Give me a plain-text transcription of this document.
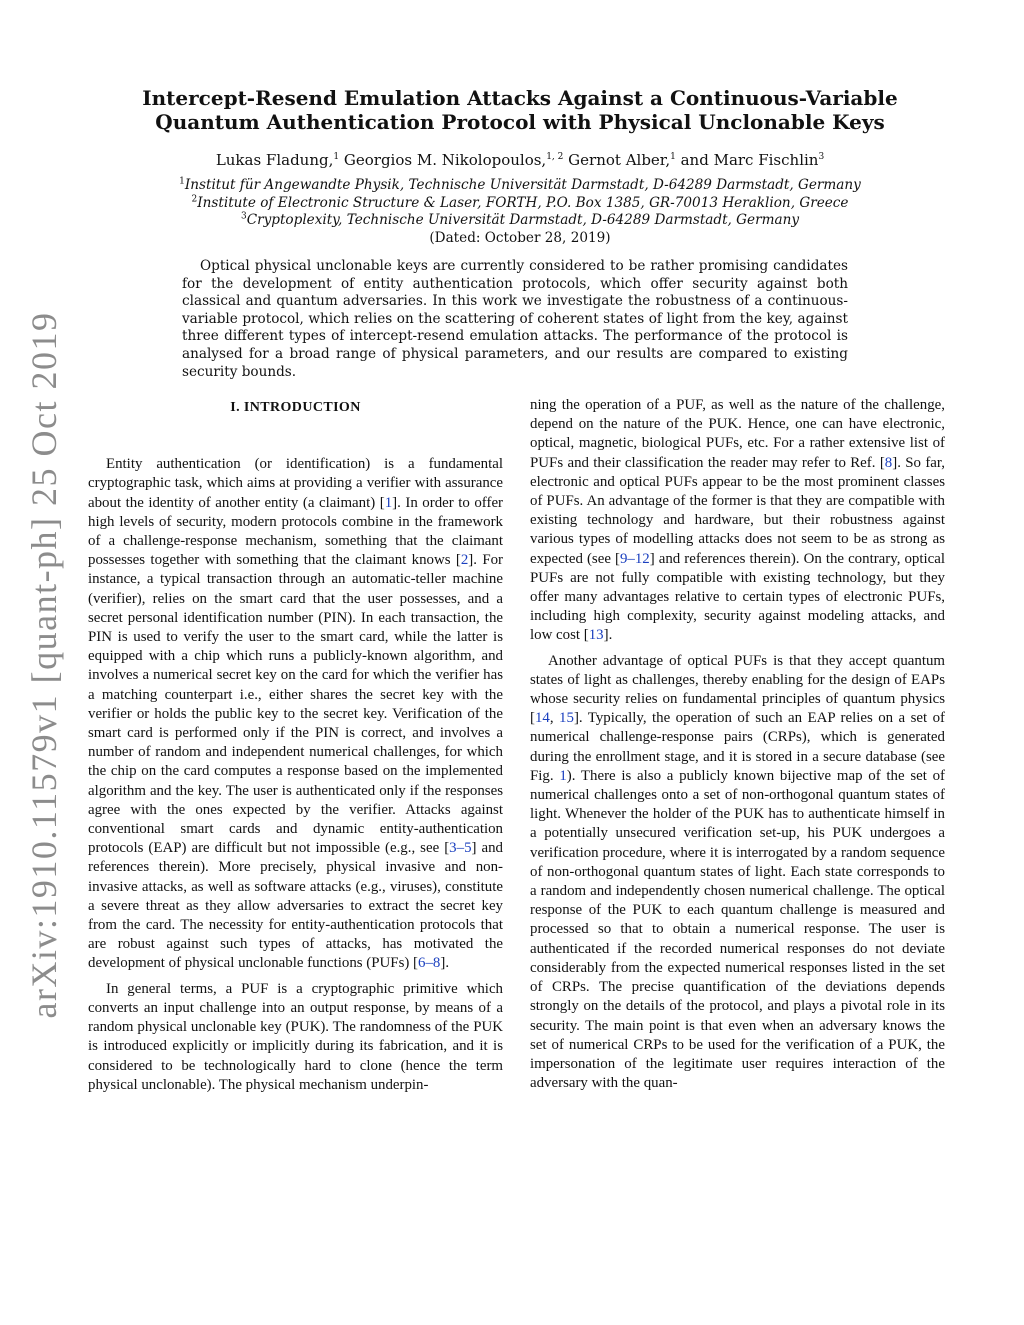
arXiv:1910.11579v1 [quant-ph] 25 Oct 2019
Intercept-Resend Emulation Attacks Against a Continuous-Variable Quantum Authentication Protocol with Physical Unclonable Keys
Lukas Fladung,$^1$ Georgios M. Nikolopoulos,$^{1, 2}$ Gernot Alber,$^1$ and Marc Fischlin$^3$
$^1$Institut für Angewandte Physik, Technische Universität Darmstadt, D-64289 Darmstadt, Germany
$^2$Institute of Electronic Structure & Laser, FORTH, P.O. Box 1385, GR-70013 Heraklion, Greece
$^3$Cryptoplexity, Technische Universität Darmstadt, D-64289 Darmstadt, Germany
(Dated: October 28, 2019)

Optical physical unclonable keys are currently considered to be rather promising candidates for the development of entity authentication protocols, which offer security against both classical and quantum adversaries. In this work we investigate the robustness of a continuous-variable protocol, which relies on the scattering of coherent states of light from the key, against three different types of intercept-resend emulation attacks. The performance of the protocol is analysed for a broad range of physical parameters, and our results are compared to existing security bounds.

I. INTRODUCTION

Entity authentication (or identification) is a fundamental cryptographic task, which aims at providing a verifier with assurance about the identity of another entity (a claimant) [1]. In order to offer high levels of security, modern protocols combine in the framework of a challenge-response mechanism, something that the claimant possesses together with something that the claimant knows [2]. For instance, a typical transaction through an automatic-teller machine (verifier), relies on the smart card that the user possesses, and a secret personal identification number (PIN). In each transaction, the PIN is used to verify the user to the smart card, while the latter is equipped with a chip which runs a publicly-known algorithm, and involves a numerical secret key on the card for which the verifier has a matching counterpart i.e., either shares the secret key with the verifier or holds the public key to the secret key. Verification of the smart card is performed only if the PIN is correct, and involves a number of random and independent numerical challenges, for which the chip on the card computes a response based on the implemented algorithm and the key. The user is authenticated only if the responses agree with the ones expected by the verifier. Attacks against conventional smart cards and dynamic entity-authentication protocols (EAP) are difficult but not impossible (e.g., see [3–5] and references therein). More precisely, physical invasive and non-invasive attacks, as well as software attacks (e.g., viruses), constitute a severe threat as they allow adversaries to extract the secret key from the card. The necessity for entity-authentication protocols that are robust against such types of attacks, has motivated the development of physical unclonable functions (PUFs) [6–8].

In general terms, a PUF is a cryptographic primitive which converts an input challenge into an output response, by means of a random physical unclonable key (PUK). The randomness of the PUK is introduced explicitly or implicitly during its fabrication, and it is considered to be technologically hard to clone (hence the term physical unclonable). The physical mechanism underpin-

ning the operation of a PUF, as well as the nature of the challenge, depend on the nature of the PUK. Hence, one can have electronic, optical, magnetic, biological PUFs, etc. For a rather extensive list of PUFs and their classification the reader may refer to Ref. [8]. So far, electronic and optical PUFs appear to be the most prominent classes of PUFs. An advantage of the former is that they are compatible with existing technology and hardware, but their robustness against various types of modelling attacks does not seem to be as strong as expected (see [9–12] and references therein). On the contrary, optical PUFs are not fully compatible with existing technology, but they offer many advantages relative to certain types of electronic PUFs, including high complexity, security against modeling attacks, and low cost [13].

Another advantage of optical PUFs is that they accept quantum states of light as challenges, thereby enabling for the design of EAPs whose security relies on fundamental principles of quantum physics [14, 15]. Typically, the operation of such an EAP relies on a set of numerical challenge-response pairs (CRPs), which is generated during the enrollment stage, and it is stored in a secure database (see Fig. 1). There is also a publicly known bijective map of the set of numerical challenges onto a set of non-orthogonal quantum states of light. Whenever the holder of the PUK has to authenticate himself in a potentially unsecured verification set-up, his PUK undergoes a verification procedure, where it is interrogated by a random sequence of non-orthogonal quantum states of light. Each state corresponds to a random and independently chosen numerical challenge. The optical response of the PUK to each quantum challenge is measured and processed so that to obtain a numerical response. The user is authenticated if the recorded numerical responses do not deviate considerably from the expected numerical responses listed in the set of CRPs. The precise quantification of the deviations depends strongly on the details of the protocol, and plays a pivotal role in its security. The main point is that even when an adversary knows the set of numerical CRPs to be used for the verification of a PUK, the impersonation of the legitimate user requires interaction of the adversary with the quan-
